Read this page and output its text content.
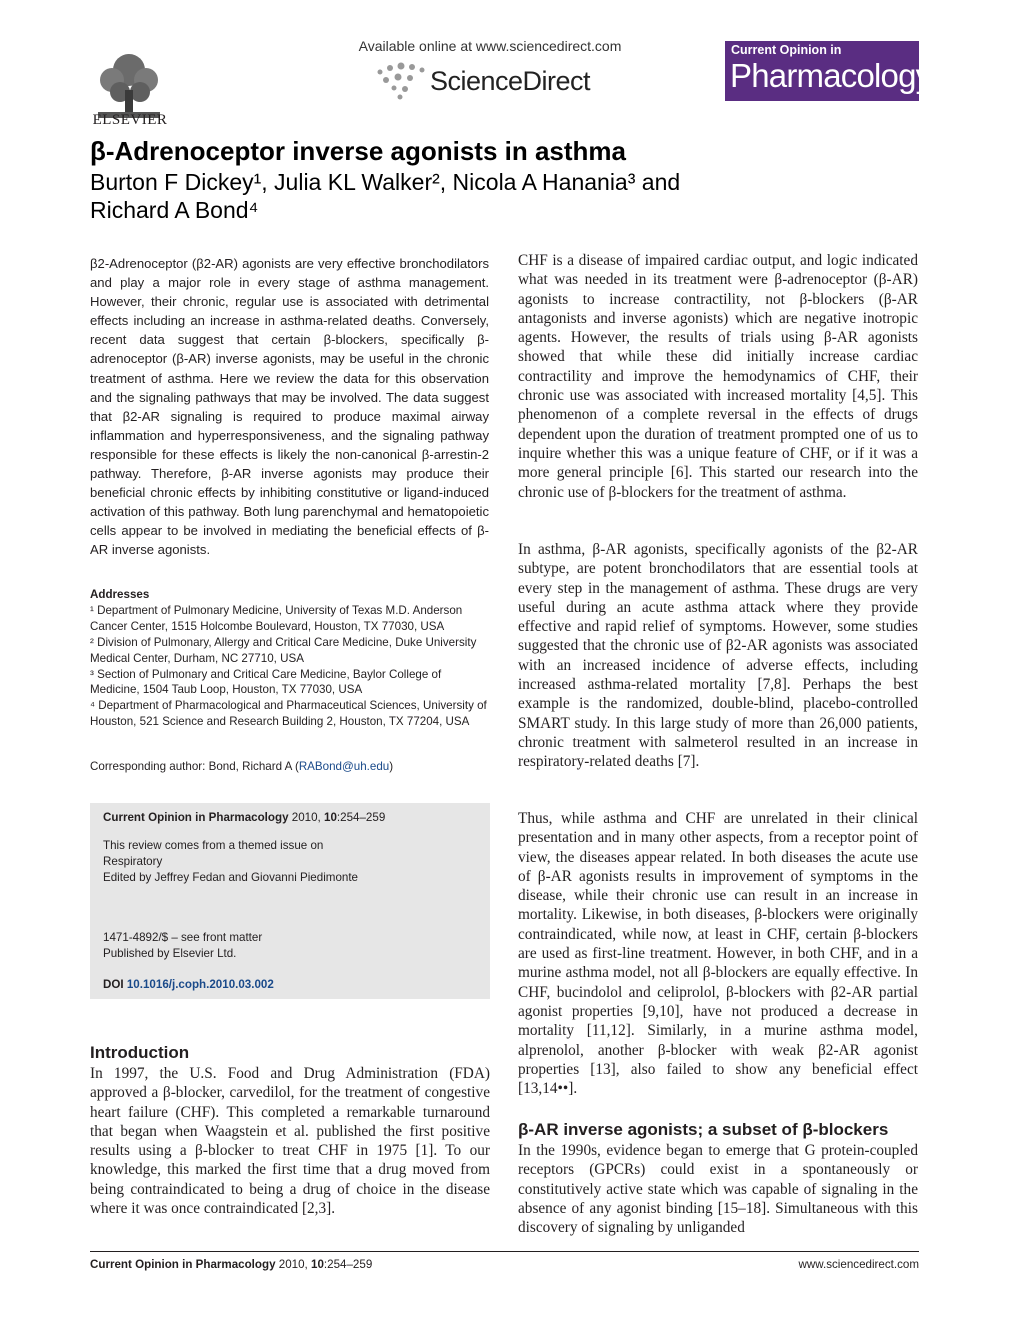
ELSEVIER
Available online at www.sciencedirect.com
ScienceDirect
Current Opinion in
Pharmacology
β-Adrenoceptor inverse agonists in asthma
Burton F Dickey¹, Julia KL Walker², Nicola A Hanania³ and
Richard A Bond⁴
β2-Adrenoceptor (β2-AR) agonists are very effective bronchodilators and play a major role in every stage of asthma management. However, their chronic, regular use is associated with detrimental effects including an increase in asthma-related deaths. Conversely, recent data suggest that certain β-blockers, specifically β-adrenoceptor (β-AR) inverse agonists, may be useful in the chronic treatment of asthma. Here we review the data for this observation and the signaling pathways that may be involved. The data suggest that β2-AR signaling is required to produce maximal airway inflammation and hyperresponsiveness, and the signaling pathway responsible for these effects is likely the non-canonical β-arrestin-2 pathway. Therefore, β-AR inverse agonists may produce their beneficial chronic effects by inhibiting constitutive or ligand-induced activation of this pathway. Both lung parenchymal and hematopoietic cells appear to be involved in mediating the beneficial effects of β-AR inverse agonists.
Addresses
¹ Department of Pulmonary Medicine, University of Texas M.D. Anderson Cancer Center, 1515 Holcombe Boulevard, Houston, TX 77030, USA
² Division of Pulmonary, Allergy and Critical Care Medicine, Duke University Medical Center, Durham, NC 27710, USA
³ Section of Pulmonary and Critical Care Medicine, Baylor College of Medicine, 1504 Taub Loop, Houston, TX 77030, USA
⁴ Department of Pharmacological and Pharmaceutical Sciences, University of Houston, 521 Science and Research Building 2, Houston, TX 77204, USA
Corresponding author: Bond, Richard A (RABond@uh.edu)
Current Opinion in Pharmacology 2010, 10:254–259
This review comes from a themed issue on
Respiratory
Edited by Jeffrey Fedan and Giovanni Piedimonte
1471-4892/$ – see front matter
Published by Elsevier Ltd.
DOI 10.1016/j.coph.2010.03.002
Introduction

In 1997, the U.S. Food and Drug Administration (FDA) approved a β-blocker, carvedilol, for the treatment of congestive heart failure (CHF). This completed a remarkable turnaround that began when Waagstein et al. published the first positive results using a β-blocker to treat CHF in 1975 [1]. To our knowledge, this marked the first time that a drug moved from being contraindicated to being a drug of choice in the disease where it was once contraindicated [2,3].

CHF is a disease of impaired cardiac output, and logic indicated what was needed in its treatment were β-adrenoceptor (β-AR) agonists to increase contractility, not β-blockers (β-AR antagonists and inverse agonists) which are negative inotropic agents. However, the results of trials using β-AR agonists showed that while these did initially increase cardiac contractility and improve the hemodynamics of CHF, their chronic use was associated with increased mortality [4,5]. This phenomenon of a complete reversal in the effects of drugs dependent upon the duration of treatment prompted one of us to inquire whether this was a unique feature of CHF, or if it was a more general principle [6]. This started our research into the chronic use of β-blockers for the treatment of asthma.

In asthma, β-AR agonists, specifically agonists of the β2-AR subtype, are potent bronchodilators that are essential tools at every step in the management of asthma. These drugs are very useful during an acute asthma attack where they provide effective and rapid relief of symptoms. However, some studies suggested that the chronic use of β2-AR agonists was associated with an increased incidence of adverse effects, including increased asthma-related mortality [7,8]. Perhaps the best example is the randomized, double-blind, placebo-controlled SMART study. In this large study of more than 26,000 patients, chronic treatment with salmeterol resulted in an increase in respiratory-related deaths [7].

Thus, while asthma and CHF are unrelated in their clinical presentation and in many other aspects, from a receptor point of view, the diseases appear related. In both diseases the acute use of β-AR agonists results in improvement of symptoms in the disease, while their chronic use can result in an increase in mortality. Likewise, in both diseases, β-blockers were originally contraindicated, while now, at least in CHF, certain β-blockers are used as first-line treatment. However, in both CHF, and in a murine asthma model, not all β-blockers are equally effective. In CHF, bucindolol and celiprolol, β-blockers with β2-AR partial agonist properties [9,10], have not produced a decrease in mortality [11,12]. Similarly, in a murine asthma model, alprenolol, another β-blocker with weak β2-AR agonist properties [13], also failed to show any beneficial effect [13,14••].

β-AR inverse agonists; a subset of β-blockers

In the 1990s, evidence began to emerge that G protein-coupled receptors (GPCRs) could exist in a spontaneously or constitutively active state which was capable of signaling in the absence of any agonist binding [15–18]. Simultaneous with this discovery of signaling by unliganded

Current Opinion in Pharmacology 2010, 10:254–259	www.sciencedirect.com
